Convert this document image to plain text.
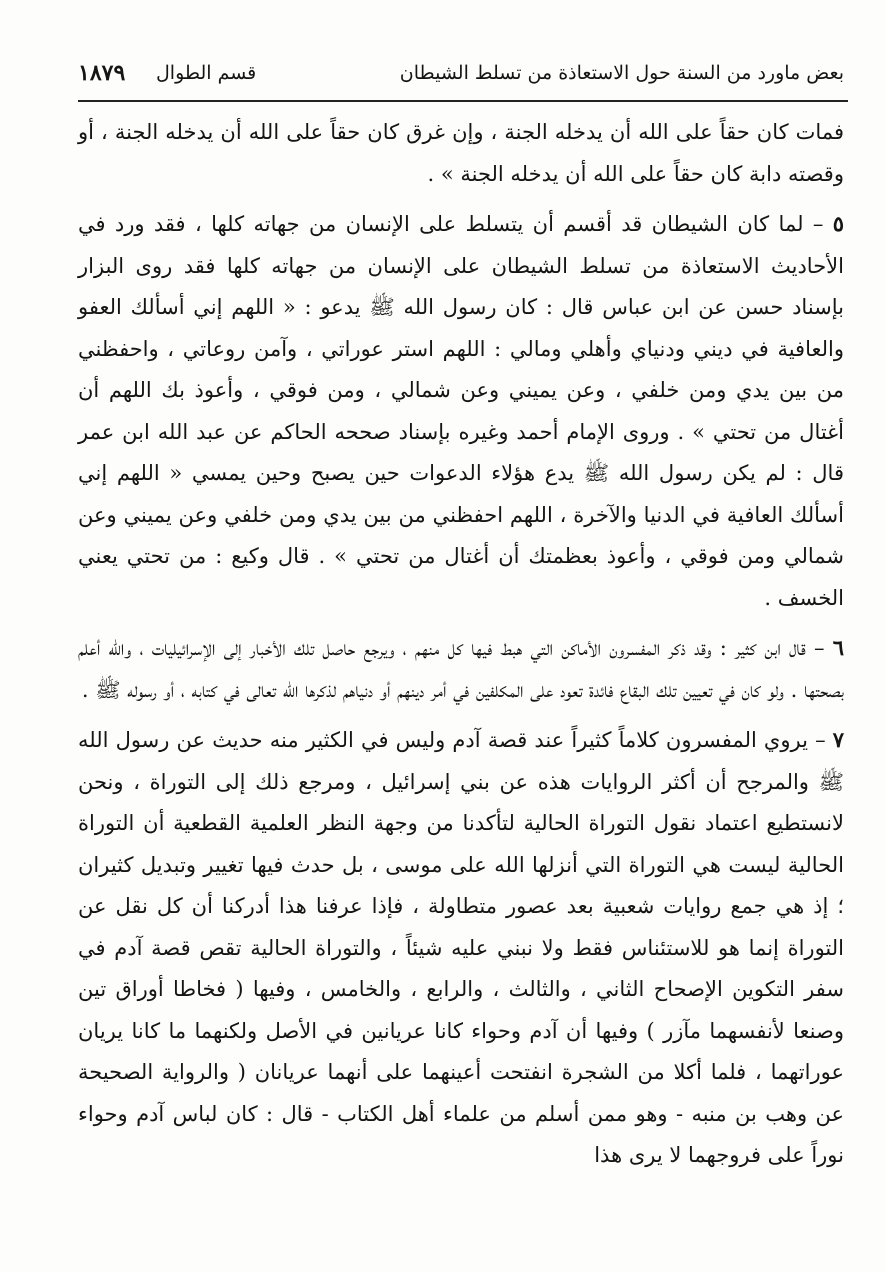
بعض ماورد من السنة حول الاستعاذة من تسلط الشيطان
قسم الطوال
١٨٧٩

فمات كان حقاً على الله أن يدخله الجنة ، وإن غرق كان حقاً على الله أن يدخله الجنة ، أو وقصته دابة كان حقاً على الله أن يدخله الجنة » .

٥ – لما كان الشيطان قد أقسم أن يتسلط على الإنسان من جهاته كلها ، فقد ورد في الأحاديث الاستعاذة من تسلط الشيطان على الإنسان من جهاته كلها فقد روى البزار بإسناد حسن عن ابن عباس قال : كان رسول الله ﷺ يدعو : « اللهم إني أسألك العفو والعافية في ديني ودنياي وأهلي ومالي : اللهم استر عوراتي ، وآمن روعاتي ، واحفظني من بين يدي ومن خلفي ، وعن يميني وعن شمالي ، ومن فوقي ، وأعوذ بك اللهم أن أغتال من تحتي » . وروى الإمام أحمد وغيره بإسناد صححه الحاكم عن عبد الله ابن عمر قال : لم يكن رسول الله ﷺ يدع هؤلاء الدعوات حين يصبح وحين يمسي « اللهم إني أسألك العافية في الدنيا والآخرة ، اللهم احفظني من بين يدي ومن خلفي وعن يميني وعن شمالي ومن فوقي ، وأعوذ بعظمتك أن أغتال من تحتي » . قال وكيع : من تحتي يعني الخسف .

٦ – قال ابن كثير : وقد ذكر المفسرون الأماكن التي هبط فيها كل منهم ، ويرجع حاصل تلك الأخبار إلى الإسرائيليات ، والله أعلم بصحتها . ولو كان في تعيين تلك البقاع فائدة تعود على المكلفين في أمر دينهم أو دنياهم لذكرها الله تعالى في كتابه ، أو رسوله ﷺ .

٧ – يروي المفسرون كلاماً كثيراً عند قصة آدم وليس في الكثير منه حديث عن رسول الله ﷺ والمرجح أن أكثر الروايات هذه عن بني إسرائيل ، ومرجع ذلك إلى التوراة ، ونحن لانستطيع اعتماد نقول التوراة الحالية لتأكدنا من وجهة النظر العلمية القطعية أن التوراة الحالية ليست هي التوراة التي أنزلها الله على موسى ، بل حدث فيها تغيير وتبديل كثيران ؛ إذ هي جمع روايات شعبية بعد عصور متطاولة ، فإذا عرفنا هذا أدركنا أن كل نقل عن التوراة إنما هو للاستئناس فقط ولا نبني عليه شيئاً ، والتوراة الحالية تقص قصة آدم في سفر التكوين الإصحاح الثاني ، والثالث ، والرابع ، والخامس ، وفيها ( فخاطا أوراق تين وصنعا لأنفسهما مآزر ) وفيها أن آدم وحواء كانا عريانين في الأصل ولكنهما ما كانا يريان عوراتهما ، فلما أكلا من الشجرة انفتحت أعينهما على أنهما عريانان ( والرواية الصحيحة عن وهب بن منبه - وهو ممن أسلم من علماء أهل الكتاب - قال : كان لباس آدم وحواء نوراً على فروجهما لا يرى هذا
